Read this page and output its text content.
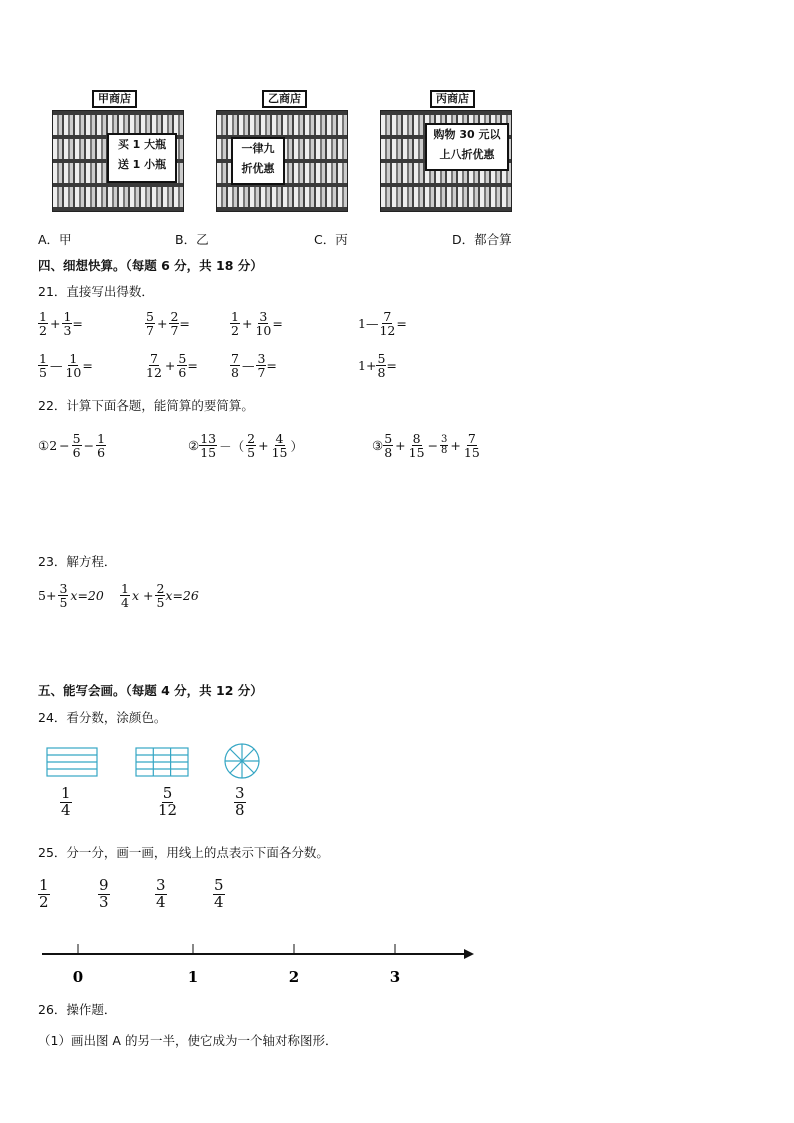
买 1 大瓶
送 1 小瓶
甲商店
一律九
折优惠
乙商店
购物 30 元以
上八折优惠
丙商店
A．甲	B．乙	C．丙	D．都合算
四、细想快算。（每题 6 分，共 18 分）
21．直接写出得数．
$\frac{1}{2} + \frac{1}{3}$ =	$\frac{5}{7} + \frac{2}{7}$ =	$\frac{1}{2} + \frac{3}{10}$ =	1— $\frac{7}{12}$ =
$\frac{1}{5}$ — $\frac{1}{10}$ =	$\frac{7}{12} + \frac{5}{6}$ =	$\frac{7}{8}$ — $\frac{3}{7}$ =	$1+ \frac{5}{8}$ =
22．计算下面各题，能简算的要简算。
① $2 - \frac{5}{6} - \frac{1}{6}$	② $\frac{13}{15}$ －（ $\frac{2}{5} + \frac{4}{15}$ ）	③ $\frac{5}{8} + \frac{8}{15} - \frac{3}{8} + \frac{7}{15}$
23．解方程．
$5+ \frac{3}{5} x=20 \frac{1}{4}$ $x + \frac{2}{5} x=26$
五、能写会画。（每题 4 分，共 12 分）
24．看分数，涂颜色。
$\frac{1}{4}$	$\frac{5}{12}$	$\frac{3}{8}$
25．分一分，画一画，用线上的点表示下面各分数。
$\frac{1}{2}$	$\frac{9}{3}$	$\frac{3}{4}$	$\frac{5}{4}$
0	1	2	3
26．操作题．
（1）画出图 A 的另一半，使它成为一个轴对称图形．
